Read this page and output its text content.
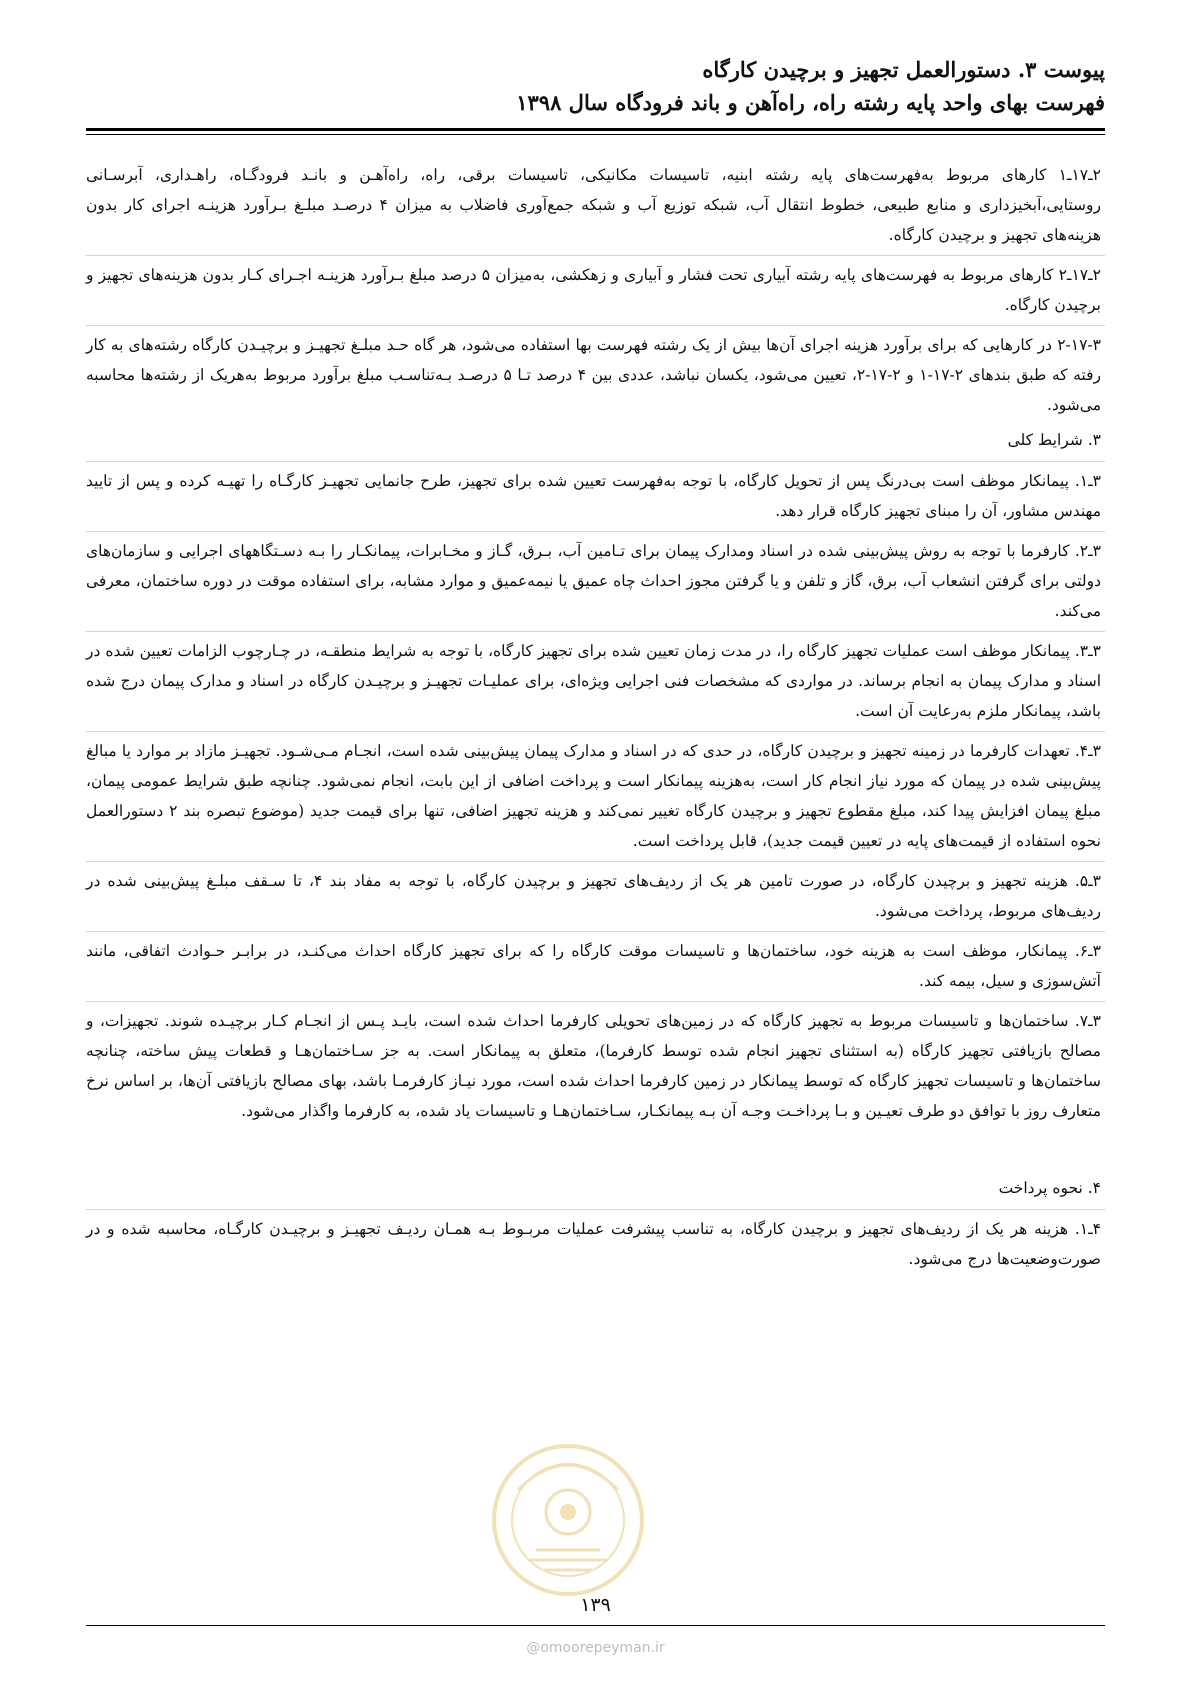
پیوست ۳. دستورالعمل تجهیز و برچیدن کارگاه
فهرست بهای واحد پایه رشته راه، راه‌آهن و باند فرودگاه سال ۱۳۹۸

۲ـ۱۷ـ۱ کارهای مربوط به‌فهرست‌های پایه رشته ابنیه، تاسیسات مکانیکی، تاسیسات برقی، راه، راه‌آهـن و بانـد فرودگـاه، راهـداری، آبرسـانی روستایی،آبخیزداری و منابع طبیعی، خطوط انتقال آب، شبکه توزیع آب و شبکه جمع‌آوری فاضلاب به میزان ۴ درصـد مبلـغ بـرآورد هزینـه اجرای کار بدون هزینه‌های تجهیز و برچیدن کارگاه.

۲ـ۱۷ـ۲ کارهای مربوط به فهرست‌های پایه رشته آبیاری تحت فشار و آبیاری و زهکشی، به‌میزان ۵ درصد مبلغ بـرآورد هزینـه اجـرای کـار بدون هزینه‌های تجهیز و برچیدن کارگاه.

۲-۱۷-۳ در کارهایی که برای برآورد هزینه اجرای آن‌ها بیش از یک رشته فهرست بها استفاده می‌شود، هر گاه حـد مبلـغ تجهیـز و برچیـدن کارگاه رشته‌های به کار رفته که طبق بندهای ۲-۱۷-۱ و ۲-۱۷-۲، تعیین می‌شود، یکسان نباشد، عددی بین ۴ درصد تـا ۵ درصـد بـه‌تناسـب مبلغ برآورد مربوط به‌هریک از رشته‌ها محاسبه می‌شود.

۳. شرایط کلی

۳ـ۱. پیمانکار موظف است بی‌درنگ پس از تحویل کارگاه، با توجه به‌فهرست تعیین شده برای تجهیز، طرح جانمایی تجهیـز کارگـاه را تهیـه کرده و پس از تایید مهندس مشاور، آن را مبنای تجهیز کارگاه قرار دهد.

۳ـ۲. کارفرما با توجه به روش پیش‌بینی شده در اسناد ومدارک پیمان برای تـامین آب، بـرق، گـاز و مخـابرات، پیمانکـار را بـه دسـتگاههای اجرایی و سازمان‌های دولتی برای گرفتن انشعاب آب، برق، گاز و تلفن و یا گرفتن مجوز احداث چاه عمیق یا نیمه‌عمیق و موارد مشابه، برای استفاده موقت در دوره ساختمان، معرفی می‌کند.

۳ـ۳. پیمانکار موظف است عملیات تجهیز کارگاه را، در مدت زمان تعیین شده برای تجهیز کارگاه، با توجه به شرایط منطقـه، در چـارچوب الزامات تعیین شده در اسناد و مدارک پیمان به انجام برساند. در مواردی که مشخصات فنی اجرایی ویژه‌ای، برای عملیـات تجهیـز و برچیـدن کارگاه در اسناد و مدارک پیمان درج شده باشد، پیمانکار ملزم به‌رعایت آن است.

۳ـ۴. تعهدات کارفرما در زمینه تجهیز و برچیدن کارگاه، در حدی که در اسناد و مدارک پیمان پیش‌بینی شده است، انجـام مـی‌شـود. تجهیـز مازاد بر موارد یا مبالغ پیش‌بینی شده در پیمان که مورد نیاز انجام کار است، به‌هزینه پیمانکار است و پرداخت اضافی از این بابت، انجام نمی‌شود. چنانچه طبق شرایط عمومی پیمان، مبلغ پیمان افزایش پیدا کند، مبلغ مقطوع تجهیز و برچیدن کارگاه تغییر نمی‌کند و هزینه تجهیز اضافی، تنها برای قیمت جدید (موضوع تبصره بند ۲ دستورالعمل نحوه استفاده از قیمت‌های پایه در تعیین قیمت جدید)، قابل پرداخت است.

۳ـ۵. هزینه تجهیز و برچیدن کارگاه، در صورت تامین هر یک از ردیف‌های تجهیز و برچیدن کارگاه، با توجه به مفاد بند ۴، تا سـقف مبلـغ پیش‌بینی شده در ردیف‌های مربوط، پرداخت می‌شود.

۳ـ۶. پیمانکار، موظف است به هزینه خود، ساختمان‌ها و تاسیسات موقت کارگاه را که برای تجهیز کارگاه احداث می‌کنـد، در برابـر حـوادث اتفاقی، مانند آتش‌سوزی و سیل، بیمه کند.

۳ـ۷. ساختمان‌ها و تاسیسات مربوط به تجهیز کارگاه که در زمین‌های تحویلی کارفرما احداث شده است، بایـد پـس از انجـام کـار برچیـده شوند. تجهیزات، و مصالح بازیافتی تجهیز کارگاه (به استثنای تجهیز انجام شده توسط کارفرما)، متعلق به پیمانکار است. به جز سـاختمان‌هـا و قطعات پیش ساخته، چنانچه ساختمان‌ها و تاسیسات تجهیز کارگاه که توسط پیمانکار در زمین کارفرما احداث شده است، مورد نیـاز کارفرمـا باشد، بهای مصالح بازیافتی آن‌ها، بر اساس نرخ متعارف روز با توافق دو طرف تعیـین و بـا پرداخـت وجـه آن بـه پیمانکـار، سـاختمان‌هـا و تاسیسات یاد شده، به کارفرما واگذار می‌شود.

۴. نحوه پرداخت

۴ـ۱. هزینه هر یک از ردیف‌های تجهیز و برچیدن کارگاه، به تناسب پیشرفت عملیات مربـوط بـه همـان ردیـف تجهیـز و برچیـدن کارگـاه، محاسبه شده و در صورت‌وضعیت‌ها درج می‌شود.

۱۳۹
@omoorepeyman.ir
